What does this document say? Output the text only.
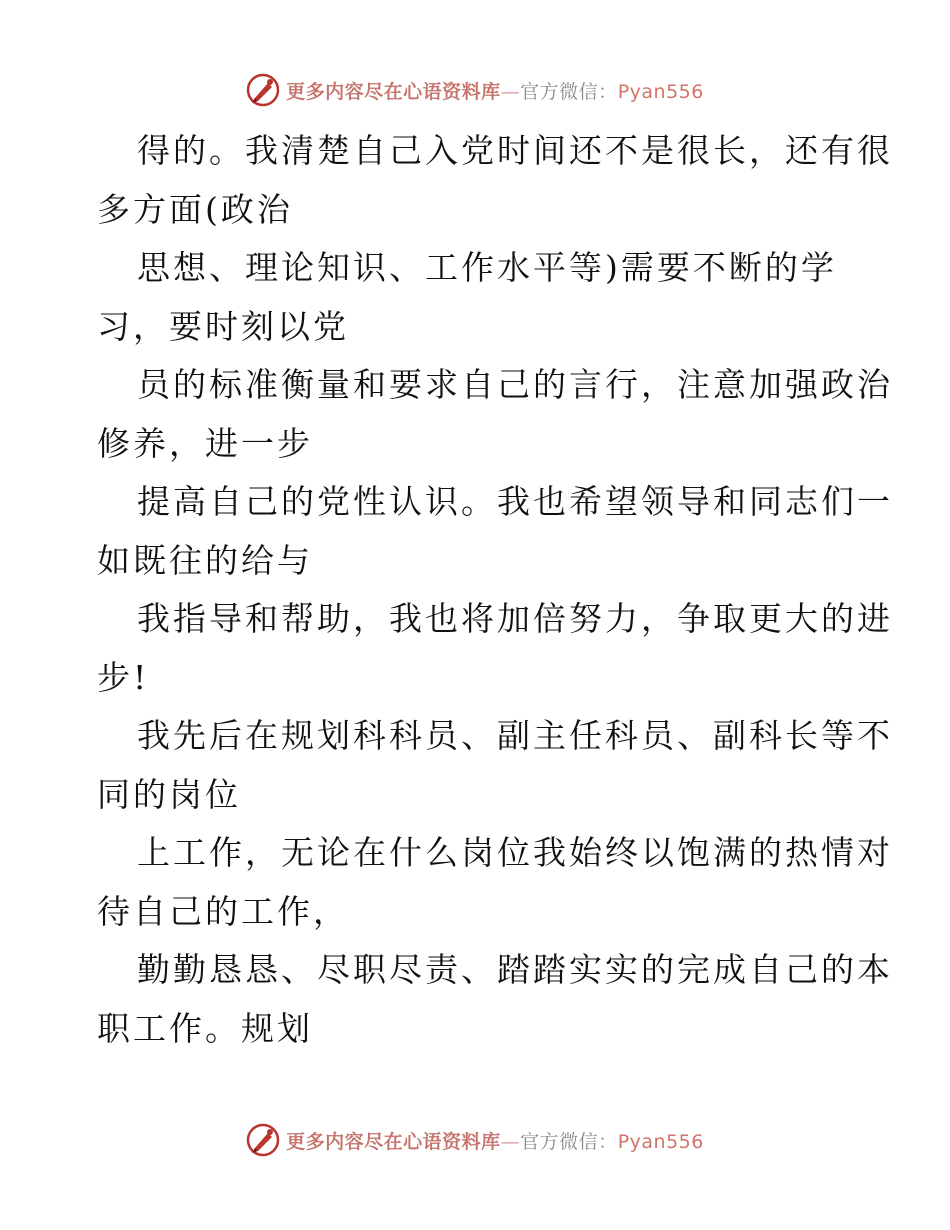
更多内容尽在心语资料库—官方微信：Pyan556
得的。我清楚自己入党时间还不是很长，还有很
多方面(政治
思想、理论知识、工作水平等)需要不断的学
习，要时刻以党
员的标准衡量和要求自己的言行，注意加强政治
修养，进一步
提高自己的党性认识。我也希望领导和同志们一
如既往的给与
我指导和帮助，我也将加倍努力，争取更大的进
步!
我先后在规划科科员、副主任科员、副科长等不
同的岗位
上工作，无论在什么岗位我始终以饱满的热情对
待自己的工作，
勤勤恳恳、尽职尽责、踏踏实实的完成自己的本
职工作。规划
更多内容尽在心语资料库—官方微信：Pyan556
